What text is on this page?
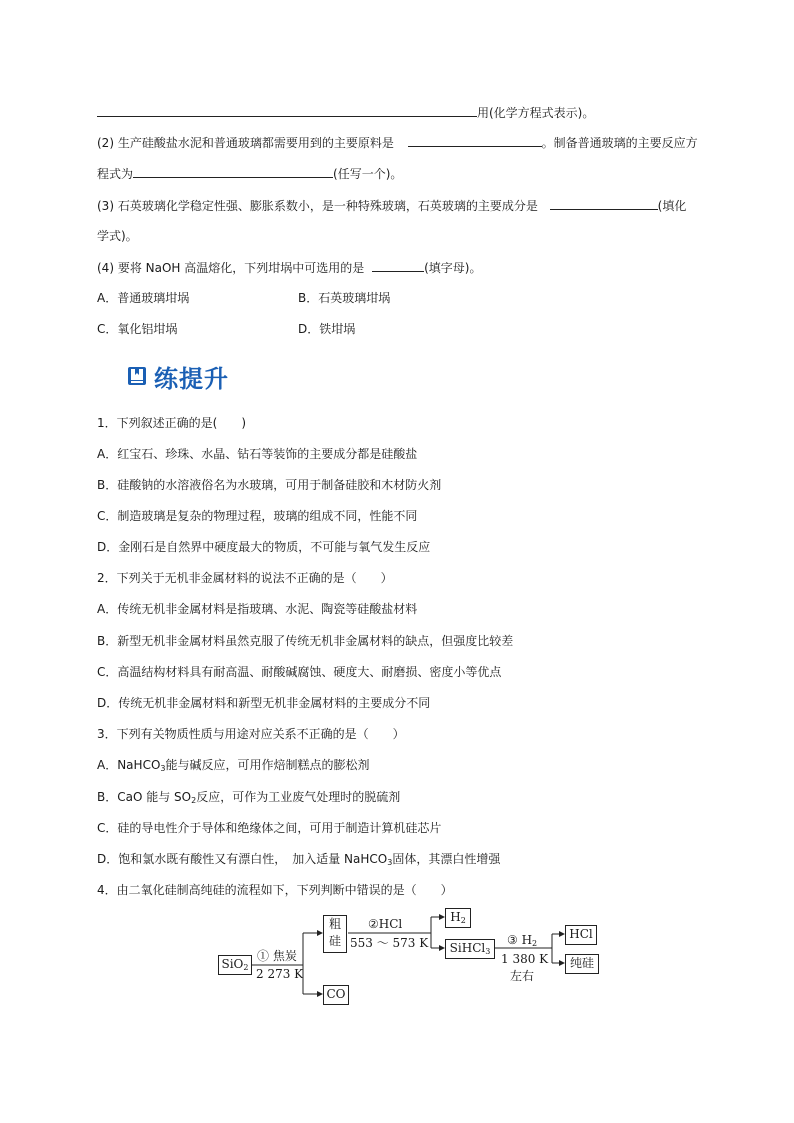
用(化学方程式表示)。
(2) 生产硅酸盐水泥和普通玻璃都需要用到的主要原料是	。制备普通玻璃的主要反应方
程式为	(任写一个)。
(3) 石英玻璃化学稳定性强、膨胀系数小，是一种特殊玻璃，石英玻璃的主要成分是	(填化
学式)。
(4) 要将 NaOH 高温熔化，下列坩埚中可选用的是	(填字母)。
A．普通玻璃坩埚	B．石英玻璃坩埚
C．氧化铝坩埚	D．铁坩埚
练提升
1．下列叙述正确的是(　　)
A．红宝石、珍珠、水晶、钻石等装饰的主要成分都是硅酸盐
B．硅酸钠的水溶液俗名为水玻璃，可用于制备硅胶和木材防火剂
C．制造玻璃是复杂的物理过程，玻璃的组成不同，性能不同
D．金刚石是自然界中硬度最大的物质，不可能与氧气发生反应
2．下列关于无机非金属材料的说法不正确的是（　　）
A．传统无机非金属材料是指玻璃、水泥、陶瓷等硅酸盐材料
B．新型无机非金属材料虽然克服了传统无机非金属材料的缺点，但强度比较差
C．高温结构材料具有耐高温、耐酸碱腐蚀、硬度大、耐磨损、密度小等优点
D．传统无机非金属材料和新型无机非金属材料的主要成分不同
3．下列有关物质性质与用途对应关系不正确的是（　　）
A．NaHCO$_3$能与碱反应，可用作焙制糕点的膨松剂
B．CaO 能与 $SO_2$反应，可作为工业废气处理时的脱硫剂
C．硅的导电性介于导体和绝缘体之间，可用于制造计算机硅芯片
D．饱和氯水既有酸性又有漂白性，　加入适量 NaHCO$_3$固体，其漂白性增强
4．由二氧化硅制高纯硅的流程如下，下列判断中错误的是（　　）
SiO$_2$
① 焦炭
2 273 K
粗
硅
CO
②HCl
553 ～ 573 K
$H_2$
SiHCl$_3$
③ $H_2$
1 380 K
左右
HCl
纯硅
